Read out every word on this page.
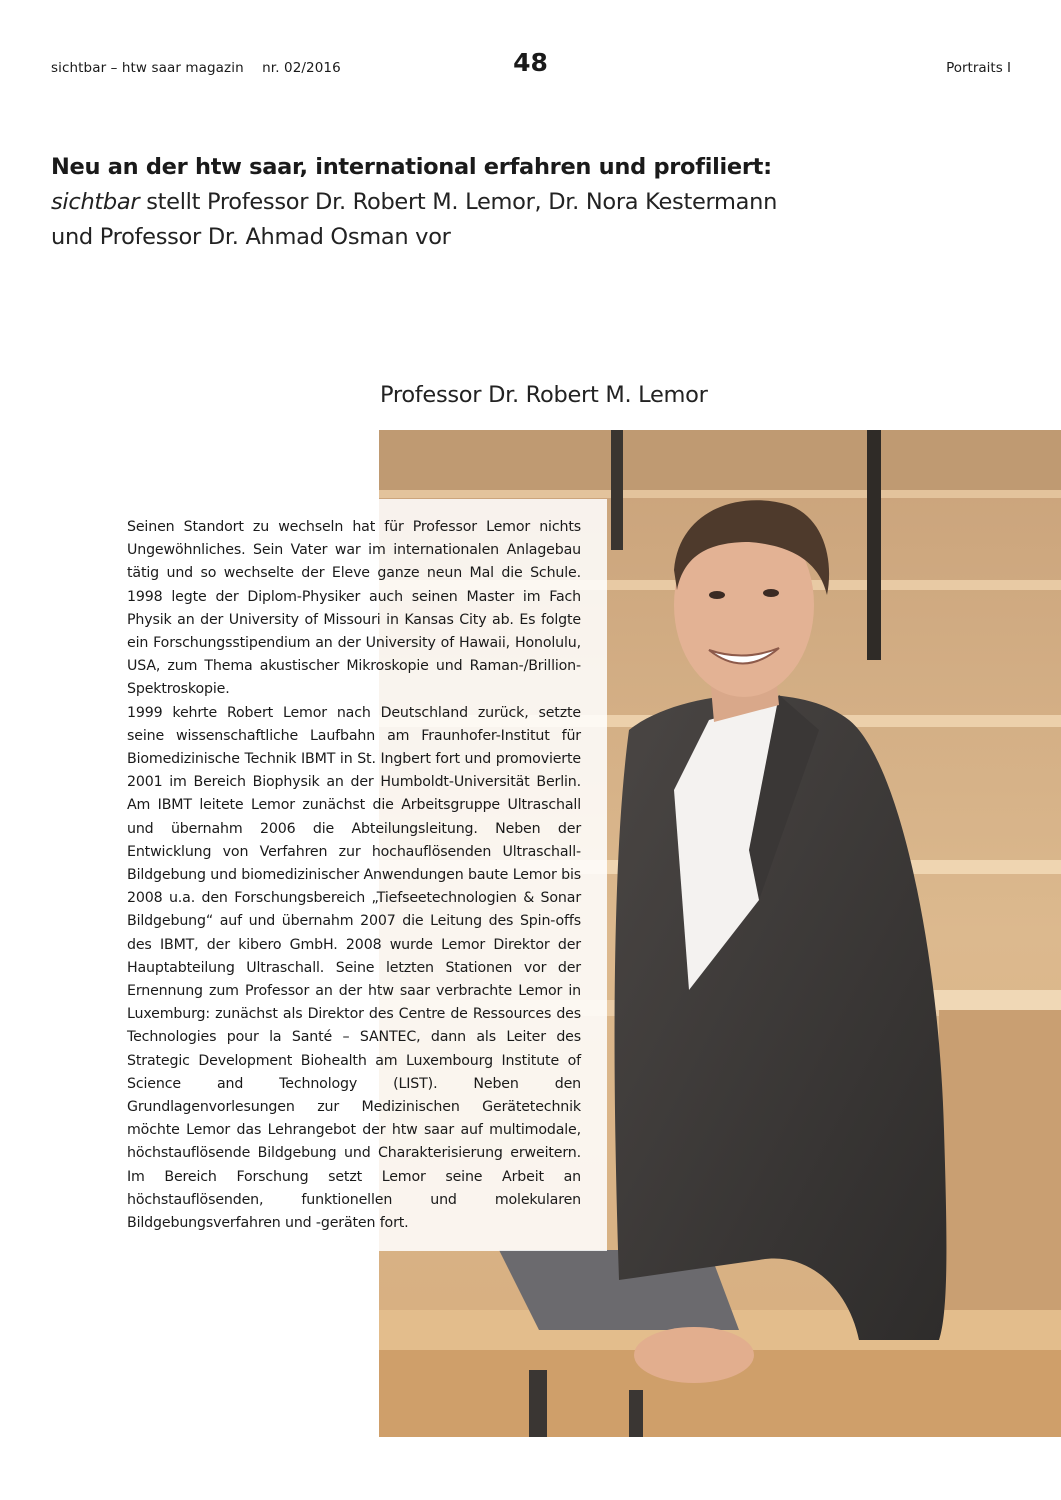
sichtbar – htw saar magazin nr. 02/2016	48	Portraits I
Neu an der htw saar, international erfahren und profiliert:
sichtbar stellt Professor Dr. Robert M. Lemor, Dr. Nora Kestermann
und Professor Dr. Ahmad Osman vor
Professor Dr. Robert M. Lemor

Seinen Standort zu wechseln hat für Professor Lemor nichts Ungewöhnliches. Sein Vater war im internationalen Anlagebau tätig und so wechselte der Eleve ganze neun Mal die Schule. 1998 legte der Diplom-Physiker auch seinen Master im Fach Physik an der University of Missouri in Kansas City ab. Es folgte ein Forschungsstipendium an der University of Hawaii, Honolulu, USA, zum Thema akustischer Mikroskopie und Raman-/Brillion-Spektroskopie.

1999 kehrte Robert Lemor nach Deutschland zurück, setzte seine wissenschaftliche Laufbahn am Fraunhofer-Institut für Biomedizinische Technik IBMT in St. Ingbert fort und promovierte 2001 im Bereich Biophysik an der Humboldt-Universität Berlin. Am IBMT leitete Lemor zunächst die Arbeitsgruppe Ultraschall und übernahm 2006 die Abteilungsleitung. Neben der Entwicklung von Verfahren zur hochauflösenden Ultraschall-Bildgebung und biomedizinischer Anwendungen baute Lemor bis 2008 u.a. den Forschungsbereich „Tiefseetechnologien & Sonar Bildgebung“ auf und übernahm 2007 die Leitung des Spin-offs des IBMT, der kibero GmbH. 2008 wurde Lemor Direktor der Hauptabteilung Ultraschall. Seine letzten Stationen vor der Ernennung zum Professor an der htw saar verbrachte Lemor in Luxemburg: zunächst als Direktor des Centre de Ressources des Technologies pour la Santé – SANTEC, dann als Leiter des Strategic Development Biohealth am Luxembourg Institute of Science and Technology (LIST). Neben den Grundlagenvorlesungen zur Medizinischen Gerätetechnik möchte Lemor das Lehrangebot der htw saar auf multimodale, höchstauflösende Bildgebung und Charakterisierung erweitern. Im Bereich Forschung setzt Lemor seine Arbeit an höchstauflösenden, funktionellen und molekularen Bildgebungsverfahren und -geräten fort.
